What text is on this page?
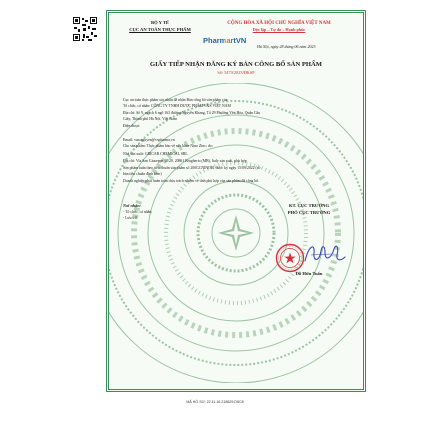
BỘ Y TẾ
CỤC AN TOÀN THỰC PHẨM
CỘNG HÒA XÃ HỘI CHỦ NGHĨA VIỆT NAM
Độc lập – Tự do – Hạnh phúc
PharmartVN
Hà Nội, ngày 28 tháng 06 năm 2023
GIẤY TIẾP NHẬN ĐĂNG KÝ BẢN CÔNG BỐ SẢN PHẨM
Số: 5470/2023/ĐKSP
Cục an toàn thực phẩm xác nhận đã nhận Bản công bố sản phẩm của:
Tổ chức, cá nhân: CÔNG TY TNHH DƯỢC PHẨM V&S VIỆT NAM
Địa chỉ: Số 9, ngách 6 ngõ 163 đường Nguyễn Khang, Tổ 29 Phường Yên Hòa, Quận Cầu
Giấy, Thành phố Hà Nội, Việt Nam
Điện thoại:
Email: van.nguyen@vspharma.vn
Cho sản phẩm: Thực phẩm bảo vệ sức khỏe Nino Zinc; do:
Nhà sản xuất: GRICAR CHEMICAL SRL
Địa chỉ: Via San Giuseppe 18/20, 20861 Brugherio (MB), Italy sản xuất, phù hợp
Sản phẩm tuân theo tiêu chuẩn sản phẩm số 200GCNINO01 được ký ngày 15/09/2022 (có
bản tiêu chuẩn đính kèm)
Doanh nghiệp phải hoàn toàn chịu trách nhiệm về tính phù hợp của sản phẩm đã công bố.
Nơi nhận:
- Tổ chức, cá nhân;
- Lưu trữ.
KT. CỤC TRƯỞNG
PHÓ CỤC TRƯỞNG
Đỗ Hữu Tuấn
MÃ HỒ SƠ: 22.11.16.218629.D6C8
